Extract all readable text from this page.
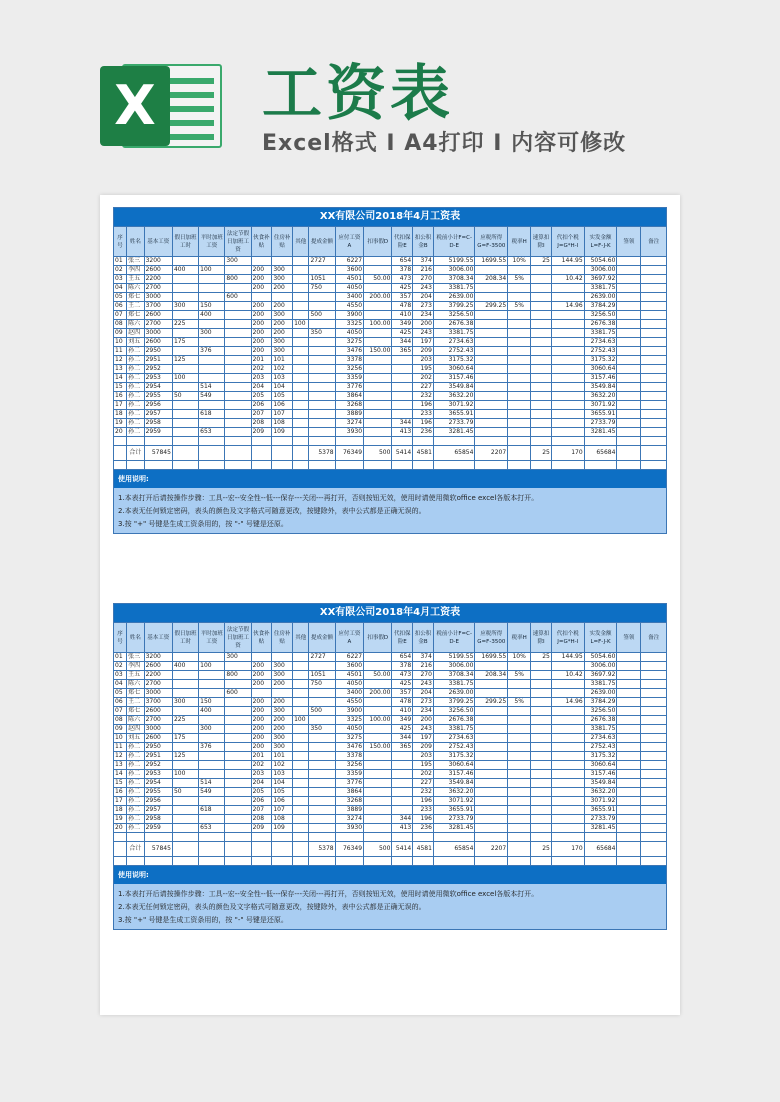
X 工资表
Excel格式 I A4打印 I 内容可修改
XX有限公司2018年4月工资表																					
序号	姓名	基本工资	假日加班工时	平时加班工资	法定节假日加班工资	伙食补贴	住房补贴	其他	提成金额	应付工资A	扣事假D	代扣保险E	扣公积金B	税前小计F=C-D-E	应税所得G=F-3500	税率H	速算扣除I	代扣个税J=G*H-I	实发金额L=F-J-K	签领	备注
01	张三	3200			300				2727	6227		654	374	5199.55	1699.55	10%	25	144.95	5054.60		
02	李四	2600	400	100		200	300			3600		378	216	3006.00					3006.00		
03	王五	2200			800	200	300		1051	4501	50.00	473	270	3708.34	208.34	5%		10.42	3697.92		
04	陈六	2700				200	200		750	4050		425	243	3381.75					3381.75		
05	郑七	3000			600					3400	200.00	357	204	2639.00					2639.00		
06	王二	3700	300	150		200	200			4550		478	273	3799.25	299.25	5%		14.96	3784.29		
07	郑七	2600		400		200	300		500	3900		410	234	3256.50					3256.50		
08	陈六	2700	225			200	200	100		3325	100.00	349	200	2676.38					2676.38		
09	赵四	3000		300		200	200		350	4050		425	243	3381.75					3381.75		
10	刘五	2600	175			200	300			3275		344	197	2734.63					2734.63		
11	孙二	2950		376		200	300			3476	150.00	365	209	2752.43					2752.43		
12	孙二	2951	125			201	101			3378			203	3175.32					3175.32		
13	孙二	2952				202	102			3256			195	3060.64					3060.64		
14	孙二	2953	100			203	103			3359			202	3157.46					3157.46		
15	孙二	2954		514		204	104			3776			227	3549.84					3549.84		
16	孙二	2955	50	549		205	105			3864			232	3632.20					3632.20		
17	孙二	2956				206	106			3268			196	3071.92					3071.92		
18	孙二	2957		618		207	107			3889			233	3655.91					3655.91		
19	孙二	2958				208	108			3274		344	196	2733.79					2733.79		
20	孙二	2959		653		209	109			3930		413	236	3281.45					3281.45		

	合计	57845							5378	76349	500	5414	4581	65854	2207		25	170	65684		

使用说明:
1.本表打开后请按操作步骤：工具--宏--安全性--低---保存---关闭---再打开，否则按钮无效，使用时请使用微软office excel各版本打开。
2.本表无任何锁定密码，表头的颜色及文字格式可随意更改，按键除外，表中公式都是正确无误的。
3.按 "+" 号键是生成工资条用的，按 "-" 号键是还原。
XX有限公司2018年4月工资表																					
序号	姓名	基本工资	假日加班工时	平时加班工资	法定节假日加班工资	伙食补贴	住房补贴	其他	提成金额	应付工资A	扣事假D	代扣保险E	扣公积金B	税前小计F=C-D-E	应税所得G=F-3500	税率H	速算扣除I	代扣个税J=G*H-I	实发金额L=F-J-K	签领	备注
01	张三	3200			300				2727	6227		654	374	5199.55	1699.55	10%	25	144.95	5054.60		
02	李四	2600	400	100		200	300			3600		378	216	3006.00					3006.00		
03	王五	2200			800	200	300		1051	4501	50.00	473	270	3708.34	208.34	5%		10.42	3697.92		
04	陈六	2700				200	200		750	4050		425	243	3381.75					3381.75		
05	郑七	3000			600					3400	200.00	357	204	2639.00					2639.00		
06	王二	3700	300	150		200	200			4550		478	273	3799.25	299.25	5%		14.96	3784.29		
07	郑七	2600		400		200	300		500	3900		410	234	3256.50					3256.50		
08	陈六	2700	225			200	200	100		3325	100.00	349	200	2676.38					2676.38		
09	赵四	3000		300		200	200		350	4050		425	243	3381.75					3381.75		
10	刘五	2600	175			200	300			3275		344	197	2734.63					2734.63		
11	孙二	2950		376		200	300			3476	150.00	365	209	2752.43					2752.43		
12	孙二	2951	125			201	101			3378			203	3175.32					3175.32		
13	孙二	2952				202	102			3256			195	3060.64					3060.64		
14	孙二	2953	100			203	103			3359			202	3157.46					3157.46		
15	孙二	2954		514		204	104			3776			227	3549.84					3549.84		
16	孙二	2955	50	549		205	105			3864			232	3632.20					3632.20		
17	孙二	2956				206	106			3268			196	3071.92					3071.92		
18	孙二	2957		618		207	107			3889			233	3655.91					3655.91		
19	孙二	2958				208	108			3274		344	196	2733.79					2733.79		
20	孙二	2959		653		209	109			3930		413	236	3281.45					3281.45		

	合计	57845							5378	76349	500	5414	4581	65854	2207		25	170	65684		

使用说明:
1.本表打开后请按操作步骤：工具--宏--安全性--低---保存---关闭---再打开，否则按钮无效，使用时请使用微软office excel各版本打开。
2.本表无任何锁定密码，表头的颜色及文字格式可随意更改，按键除外，表中公式都是正确无误的。
3.按 "+" 号键是生成工资条用的，按 "-" 号键是还原。
